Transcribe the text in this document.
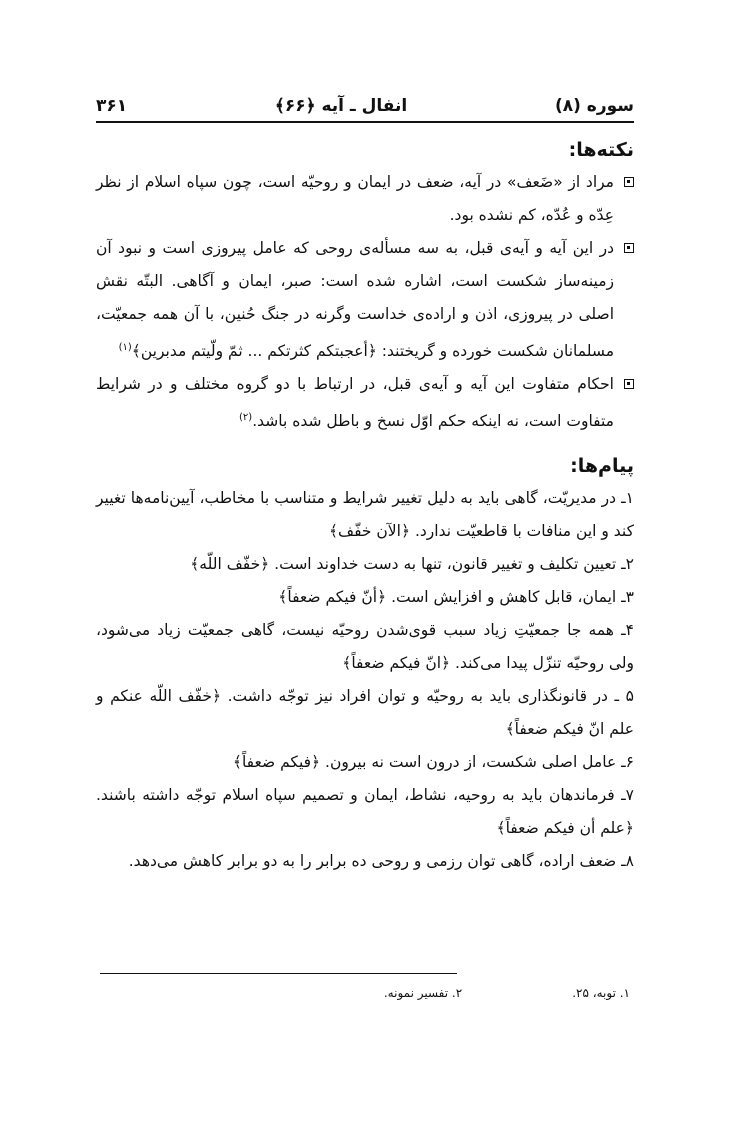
سوره (۸)
انفال ـ آیه ﴿۶۶﴾
۳۶۱
نکته‌ها:
مراد از «ضَعف» در آیه، ضعف در ایمان و روحیّه است، چون سپاه اسلام از نظر عِدّه و عُدّه، کم نشده بود.
در این آیه و آیه‌ی قبل، به سه مسأله‌ی روحی که عامل پیروزی است و نبود آن زمینه‌ساز شکست است، اشاره شده است: صبر، ایمان و آگاهی. البتّه نقش اصلی در پیروزی، اذن و اراده‌ی خداست وگرنه در جنگ حُنین، با آن همه جمعیّت، مسلمانان شکست خورده و گریختند: ﴿أعجبتکم کثرتکم ... ثمّ ولّیتم مدبرین﴾$^{(۱)}$
احکام متفاوت این آیه و آیه‌ی قبل، در ارتباط با دو گروه مختلف و در شرایط متفاوت است، نه اینکه حکم اوّل نسخ و باطل شده باشد.$^{(۲)}$
پیام‌ها:
۱ـ در مدیریّت، گاهی باید به دلیل تغییر شرایط و متناسب با مخاطب، آیین‌نامه‌ها تغییر کند و این منافات با قاطعیّت ندارد. ﴿الآن خفّف﴾
۲ـ تعیین تکلیف و تغییر قانون، تنها به دست خداوند است. ﴿خفّف اللّه﴾
۳ـ ایمان، قابل کاهش و افزایش است. ﴿أنّ فیکم ضعفاً﴾
۴ـ همه جا جمعیّتِ زیاد سبب قوی‌شدن روحیّه نیست، گاهی جمعیّت زیاد می‌شود، ولی روحیّه تنزّل پیدا می‌کند. ﴿انّ فیکم ضعفاً﴾
۵ ـ در قانونگذاری باید به روحیّه و توان افراد نیز توجّه داشت. ﴿خفّف اللّه عنکم و علم انّ فیکم ضعفاً﴾
۶ـ عامل اصلی شکست، از درون است نه بیرون. ﴿فیکم ضعفاً﴾
۷ـ فرماندهان باید به روحیه، نشاط، ایمان و تصمیم سپاه اسلام توجّه داشته باشند. ﴿علم أن فیکم ضعفاً﴾
۸ـ ضعف اراده، گاهی توان رزمی و روحی ده برابر را به دو برابر کاهش می‌دهد.
۱. توبه، ۲۵.
۲. تفسیر نمونه.
